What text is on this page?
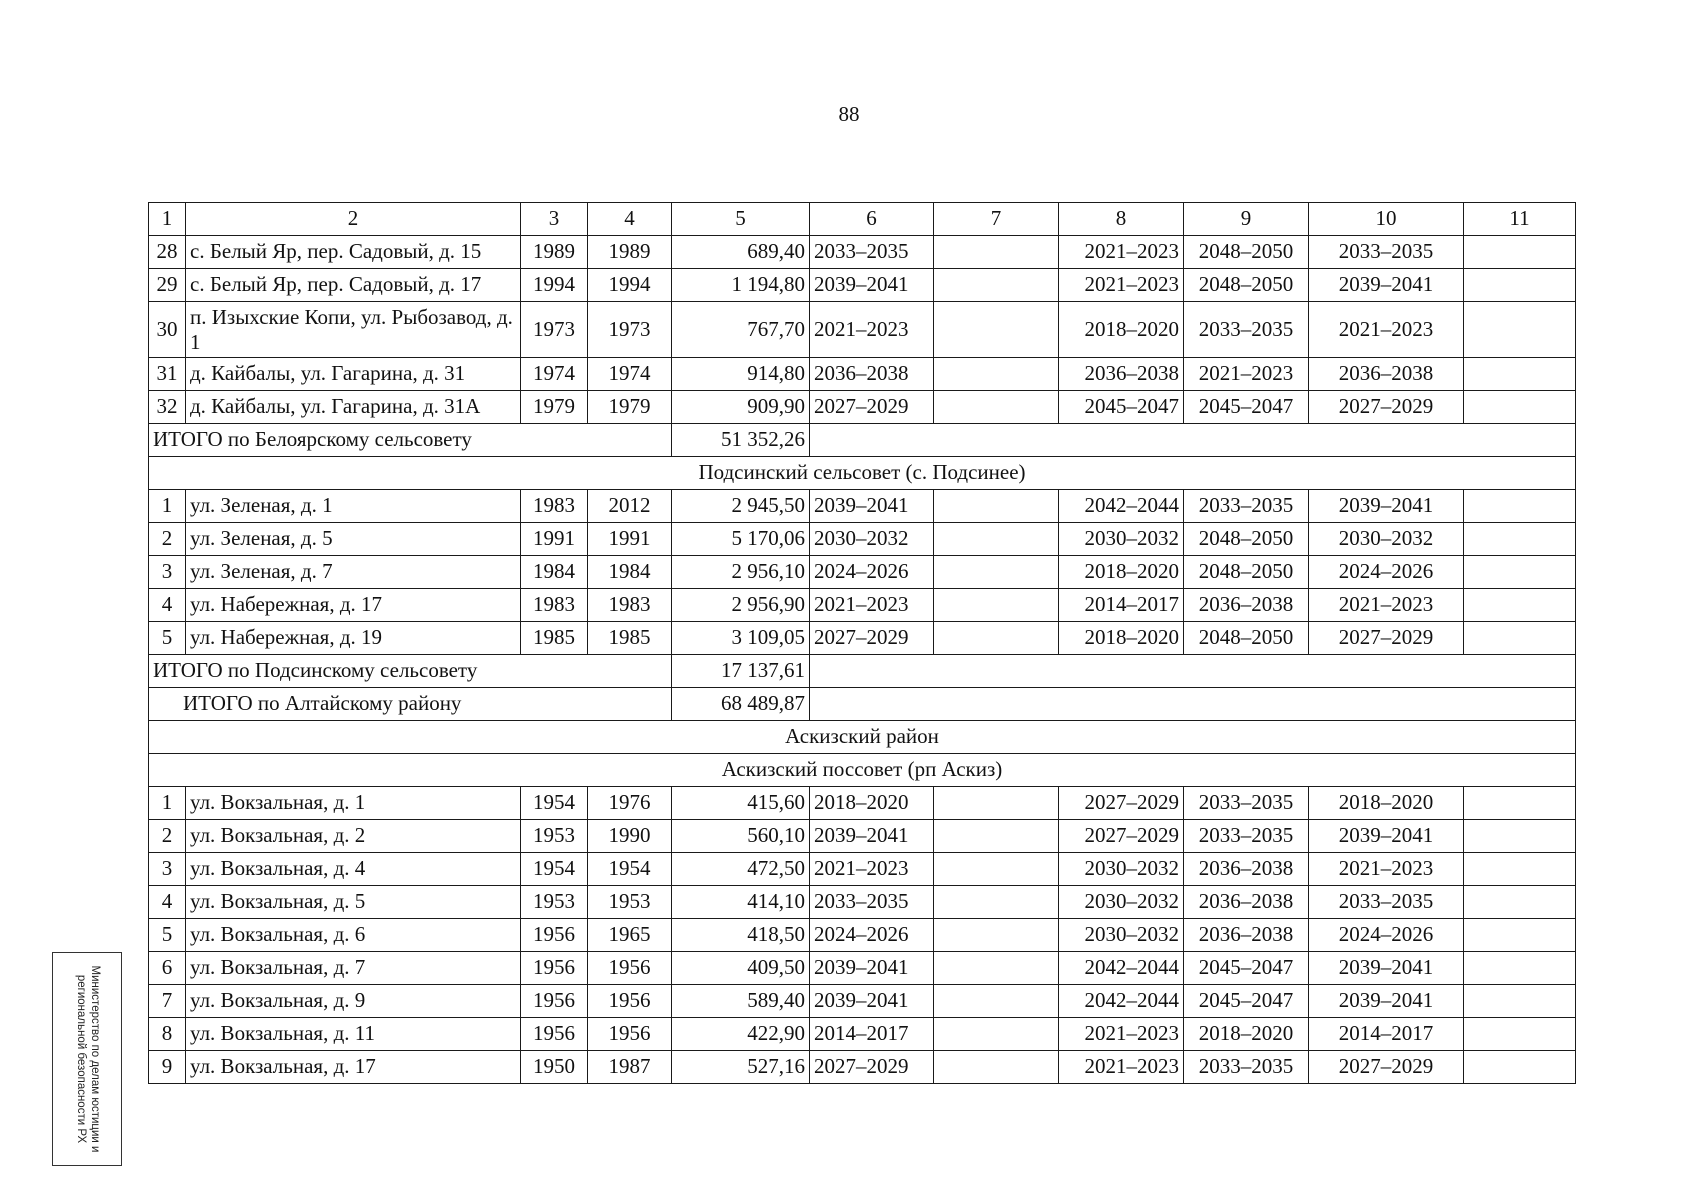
88
1	2	3	4	5	6	7	8	9	10	11
28	с. Белый Яр, пер. Садовый, д. 15	1989	1989	689,40	2033–2035		2021–2023	2048–2050	2033–2035	
29	с. Белый Яр, пер. Садовый, д. 17	1994	1994	1 194,80	2039–2041		2021–2023	2048–2050	2039–2041	
30	п. Изыхские Копи, ул. Рыбозавод, д. 1	1973	1973	767,70	2021–2023		2018–2020	2033–2035	2021–2023	
31	д. Кайбалы, ул. Гагарина, д. 31	1974	1974	914,80	2036–2038		2036–2038	2021–2023	2036–2038	
32	д. Кайбалы, ул. Гагарина, д. 31А	1979	1979	909,90	2027–2029		2045–2047	2045–2047	2027–2029	
ИТОГО по Белоярскому сельсовету				51 352,26						
Подсинский сельсовет (с. Подсинее)										
1	ул. Зеленая, д. 1	1983	2012	2 945,50	2039–2041		2042–2044	2033–2035	2039–2041	
2	ул. Зеленая, д. 5	1991	1991	5 170,06	2030–2032		2030–2032	2048–2050	2030–2032	
3	ул. Зеленая, д. 7	1984	1984	2 956,10	2024–2026		2018–2020	2048–2050	2024–2026	
4	ул. Набережная, д. 17	1983	1983	2 956,90	2021–2023		2014–2017	2036–2038	2021–2023	
5	ул. Набережная, д. 19	1985	1985	3 109,05	2027–2029		2018–2020	2048–2050	2027–2029	
ИТОГО по Подсинскому сельсовету				17 137,61						
ИТОГО по Алтайскому району				68 489,87						
Аскизский район										
Аскизский поссовет (рп Аскиз)										
1	ул. Вокзальная, д. 1	1954	1976	415,60	2018–2020		2027–2029	2033–2035	2018–2020	
2	ул. Вокзальная, д. 2	1953	1990	560,10	2039–2041		2027–2029	2033–2035	2039–2041	
3	ул. Вокзальная, д. 4	1954	1954	472,50	2021–2023		2030–2032	2036–2038	2021–2023	
4	ул. Вокзальная, д. 5	1953	1953	414,10	2033–2035		2030–2032	2036–2038	2033–2035	
5	ул. Вокзальная, д. 6	1956	1965	418,50	2024–2026		2030–2032	2036–2038	2024–2026	
6	ул. Вокзальная, д. 7	1956	1956	409,50	2039–2041		2042–2044	2045–2047	2039–2041	
7	ул. Вокзальная, д. 9	1956	1956	589,40	2039–2041		2042–2044	2045–2047	2039–2041	
8	ул. Вокзальная, д. 11	1956	1956	422,90	2014–2017		2021–2023	2018–2020	2014–2017	
9	ул. Вокзальная, д. 17	1950	1987	527,16	2027–2029		2021–2023	2033–2035	2027–2029	
Министерство по делам юстиции и региональной безопасности РХ
